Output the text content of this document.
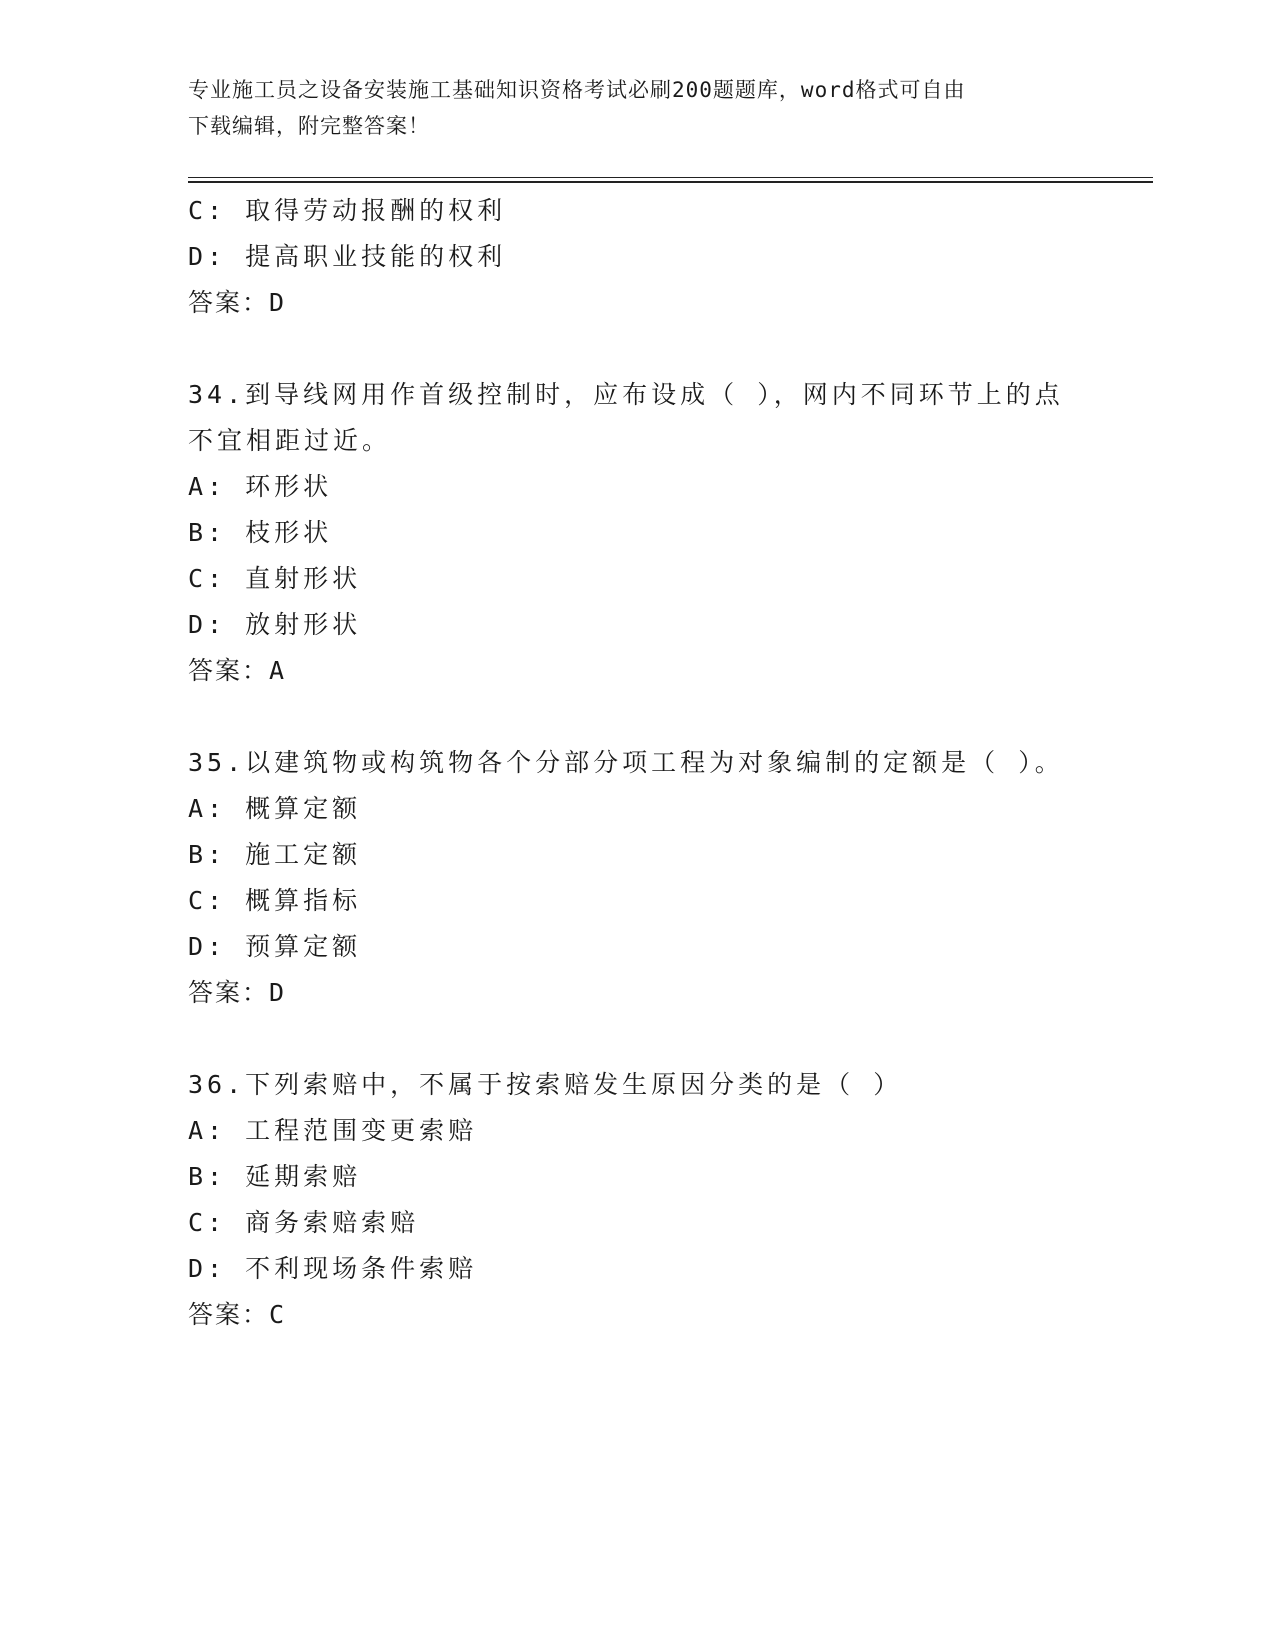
专业施工员之设备安装施工基础知识资格考试必刷200题题库，word格式可自由
下载编辑，附完整答案！
C: 取得劳动报酬的权利
D: 提高职业技能的权利
答案：D
34.到导线网用作首级控制时，应布设成（ ），网内不同环节上的点
不宜相距过近。
A: 环形状
B: 枝形状
C: 直射形状
D: 放射形状
答案：A
35.以建筑物或构筑物各个分部分项工程为对象编制的定额是（ ）。
A: 概算定额
B: 施工定额
C: 概算指标
D: 预算定额
答案：D
36.下列索赔中，不属于按索赔发生原因分类的是（ ）
A: 工程范围变更索赔
B: 延期索赔
C: 商务索赔索赔
D: 不利现场条件索赔
答案：C
